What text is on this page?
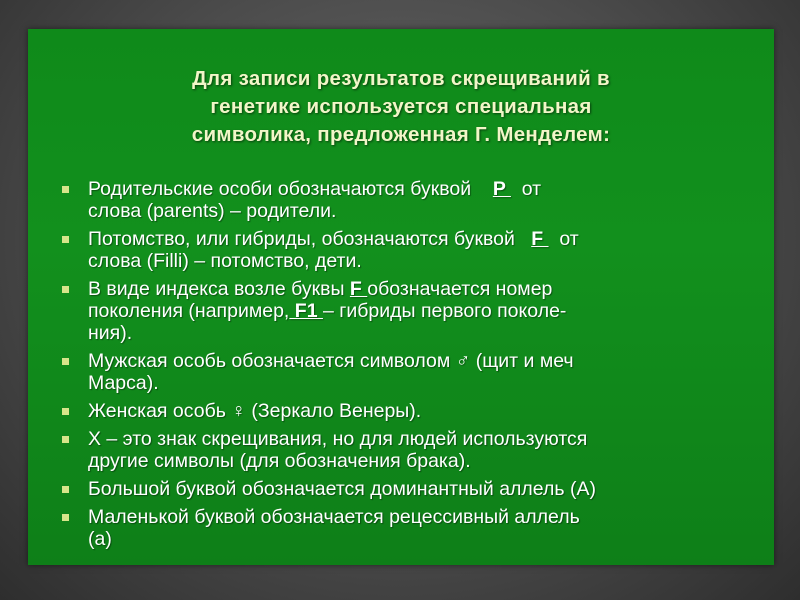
Для записи результатов скрещиваний в
генетике используется специальная
символика, предложенная Г. Менделем:
Родительские особи обозначаются буквой P   от
слова (parents) – родители.
Потомство, или гибриды, обозначаются буквой F   от
слова (Filli) – потомство, дети.
В виде индекса возле буквы F обозначается номер
поколения (например, F1 – гибриды первого поколе-
ния).
Мужская особь обозначается символом ♂ (щит и меч
Марса).
Женская особь ♀ (Зеркало Венеры).
X – это знак скрещивания, но для людей используются
другие символы (для обозначения брака).
Большой буквой обозначается доминантный аллель (А)
Маленькой буквой обозначается рецессивный аллель
(а)
